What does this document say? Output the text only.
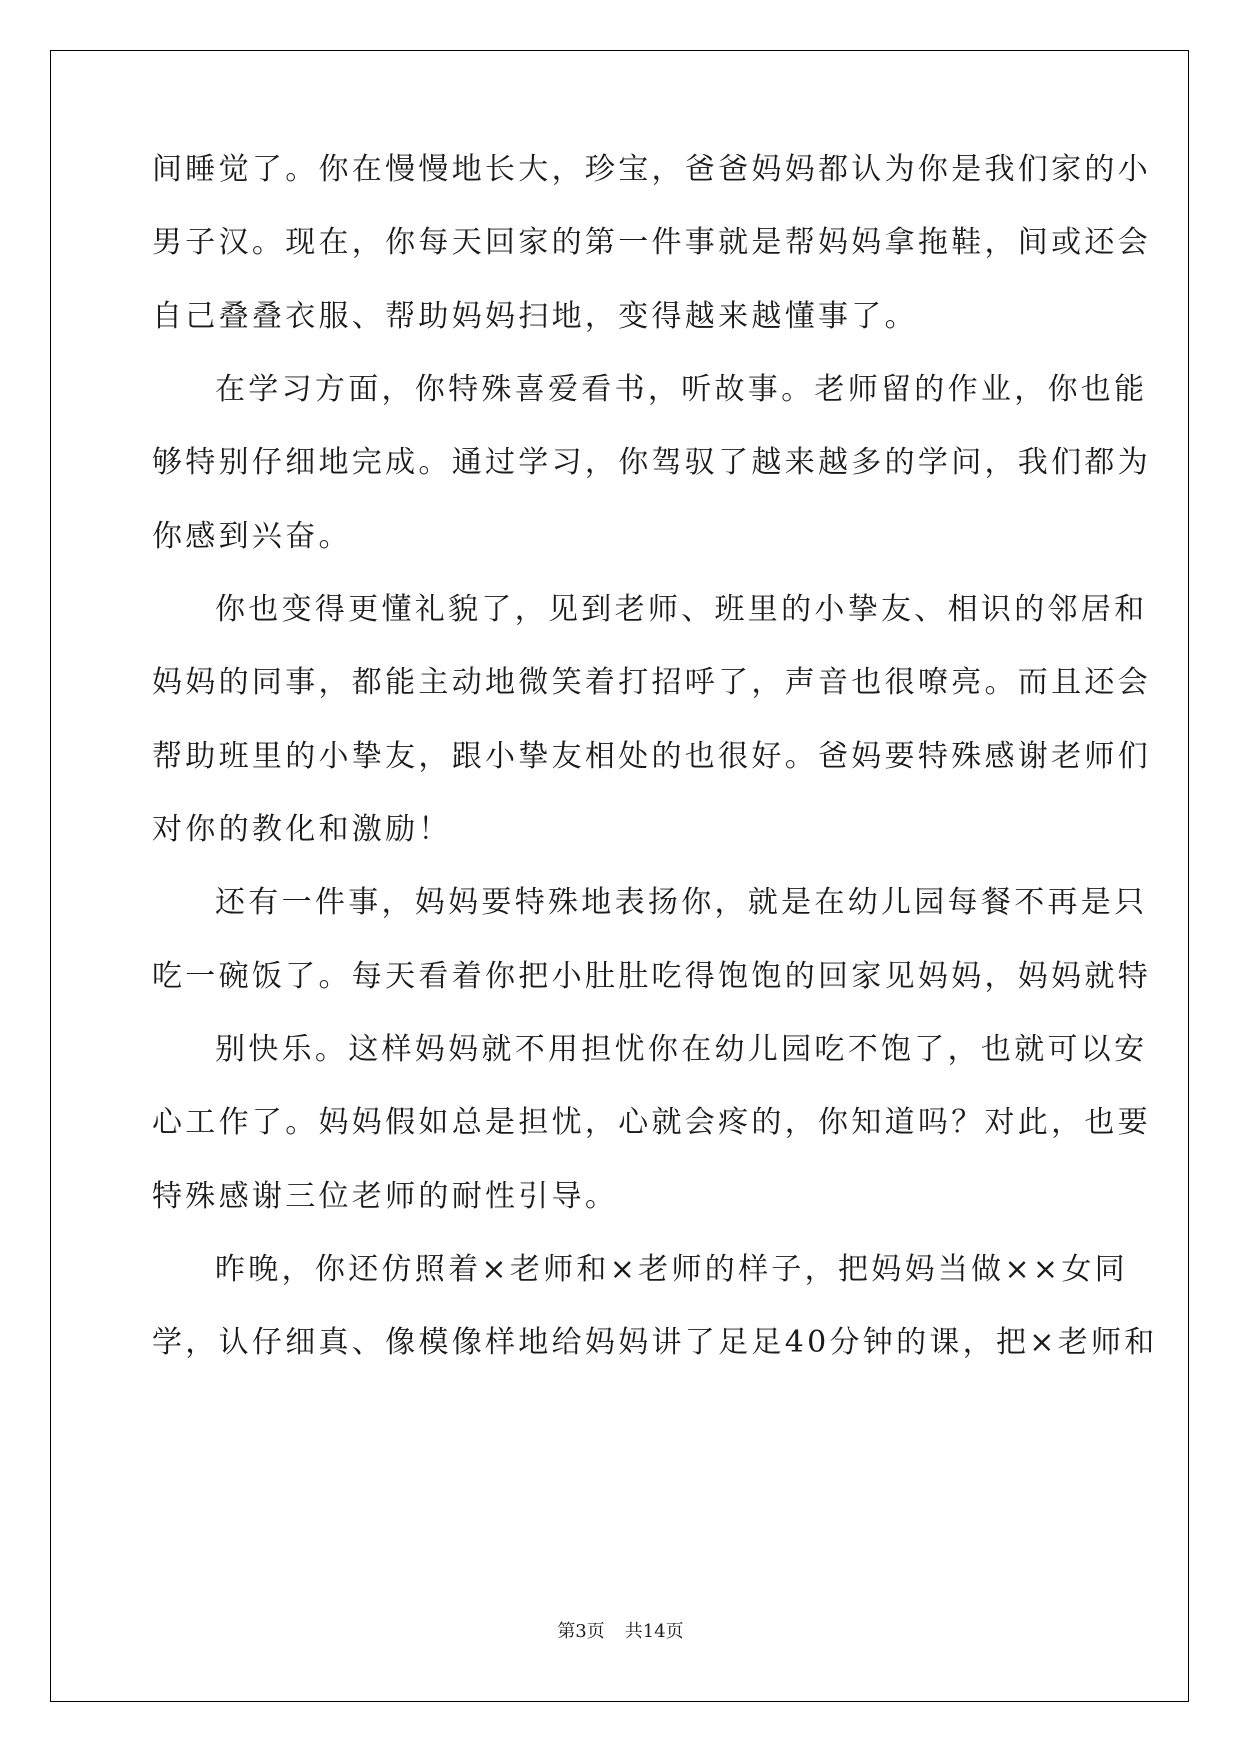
间睡觉了。你在慢慢地长大，珍宝，爸爸妈妈都认为你是我们家的小
男子汉。现在，你每天回家的第一件事就是帮妈妈拿拖鞋，间或还会
自己叠叠衣服、帮助妈妈扫地，变得越来越懂事了。
在学习方面，你特殊喜爱看书，听故事。老师留的作业，你也能
够特别仔细地完成。通过学习，你驾驭了越来越多的学问，我们都为
你感到兴奋。
你也变得更懂礼貌了，见到老师、班里的小挚友、相识的邻居和
妈妈的同事，都能主动地微笑着打招呼了，声音也很嘹亮。而且还会
帮助班里的小挚友，跟小挚友相处的也很好。爸妈要特殊感谢老师们
对你的教化和激励！
还有一件事，妈妈要特殊地表扬你，就是在幼儿园每餐不再是只
吃一碗饭了。每天看着你把小肚肚吃得饱饱的回家见妈妈，妈妈就特
别快乐。这样妈妈就不用担忧你在幼儿园吃不饱了，也就可以安
心工作了。妈妈假如总是担忧，心就会疼的，你知道吗？对此，也要
特殊感谢三位老师的耐性引导。
昨晚，你还仿照着×老师和×老师的样子，把妈妈当做××女同
学，认仔细真、像模像样地给妈妈讲了足足40分钟的课，把×老师和
第3页 共14页
